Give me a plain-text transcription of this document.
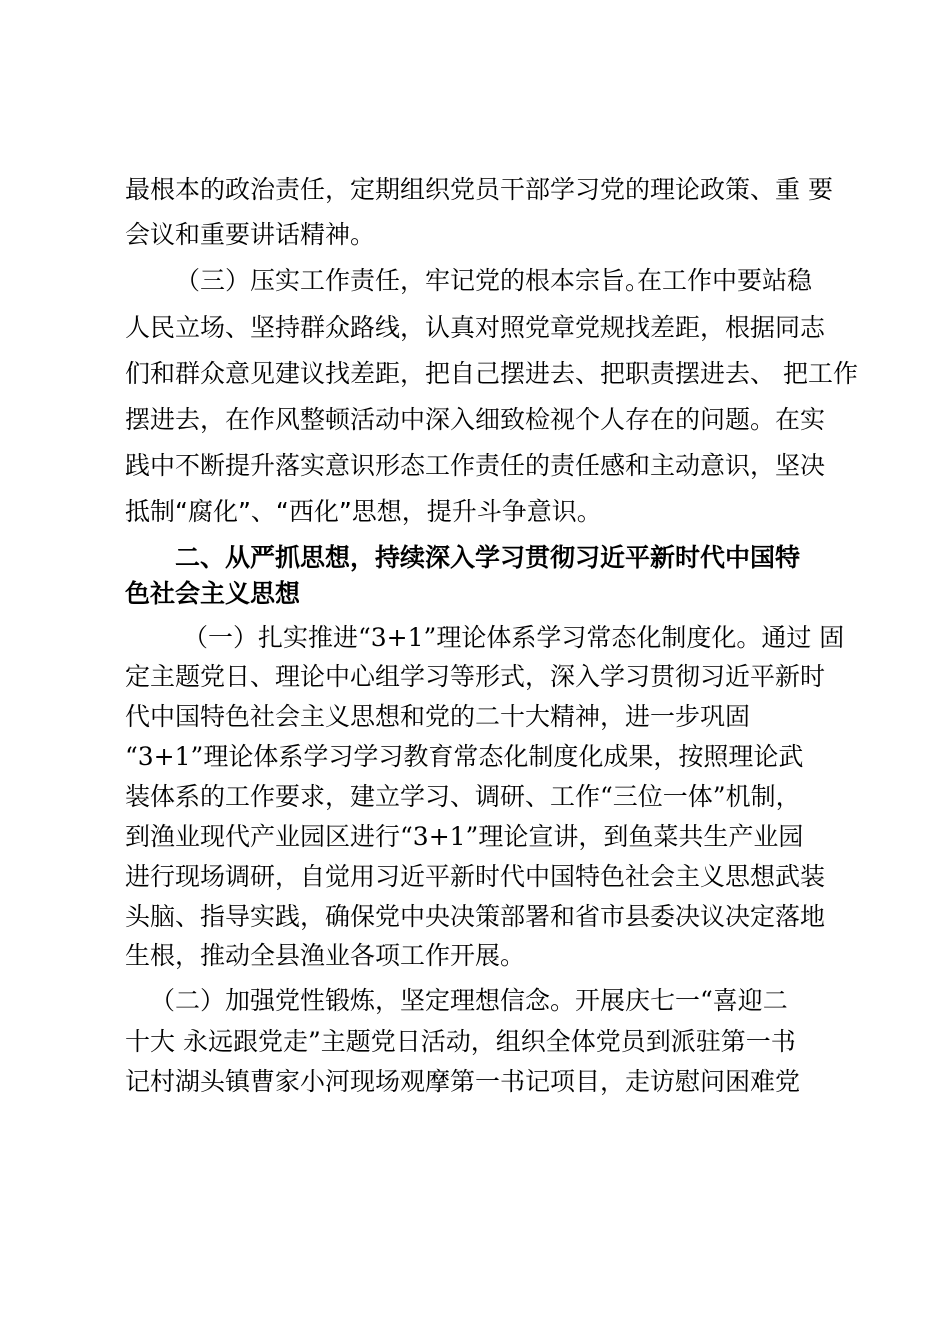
最根本的政治责任，定期组织党员干部学习党的理论政策、重 要
会议和重要讲话精神。
（三）压实工作责任，牢记党的根本宗旨。
在工作中要站稳
人民立场、坚持群众路线，认真对照党章党规找差距，根据同志
们和群众意见建议找差距，把自己摆进去、把职责摆进去、 把工作
摆进去，在作风整顿活动中深入细致检视个人存在的问题。在实
践中不断提升落实意识形态工作责任的责任感和主动意识，坚决
抵制“腐化”、“西化”思想，提升斗争意识。
二、从严抓思想，持续深入学习贯彻习近平新时代中国特
色社会主义思想
（一）扎实推进“3+1”理论体系学习常态化制度化。通过 固
定主题党日、理论中心组学习等形式，深入学习贯彻习近平新时
代中国特色社会主义思想和党的二十大精神，进一步巩固
“3+1”理论体系学习学习教育常态化制度化成果，按照理论武
装体系的工作要求，建立学习、调研、工作“三位一体”机制，
到渔业现代产业园区进行“3+1”理论宣讲，到鱼菜共生产业园
进行现场调研，自觉用习近平新时代中国特色社会主义思想武装
头脑、指导实践，确保党中央决策部署和省市县委决议决定落地
生根，推动全县渔业各项工作开展。
（二）加强党性锻炼，坚定理想信念。开展庆七一“喜迎二
十大 永远跟党走”主题党日活动，组织全体党员到派驻第一书
记村湖头镇曹家小河现场观摩第一书记项目，走访慰问困难党
